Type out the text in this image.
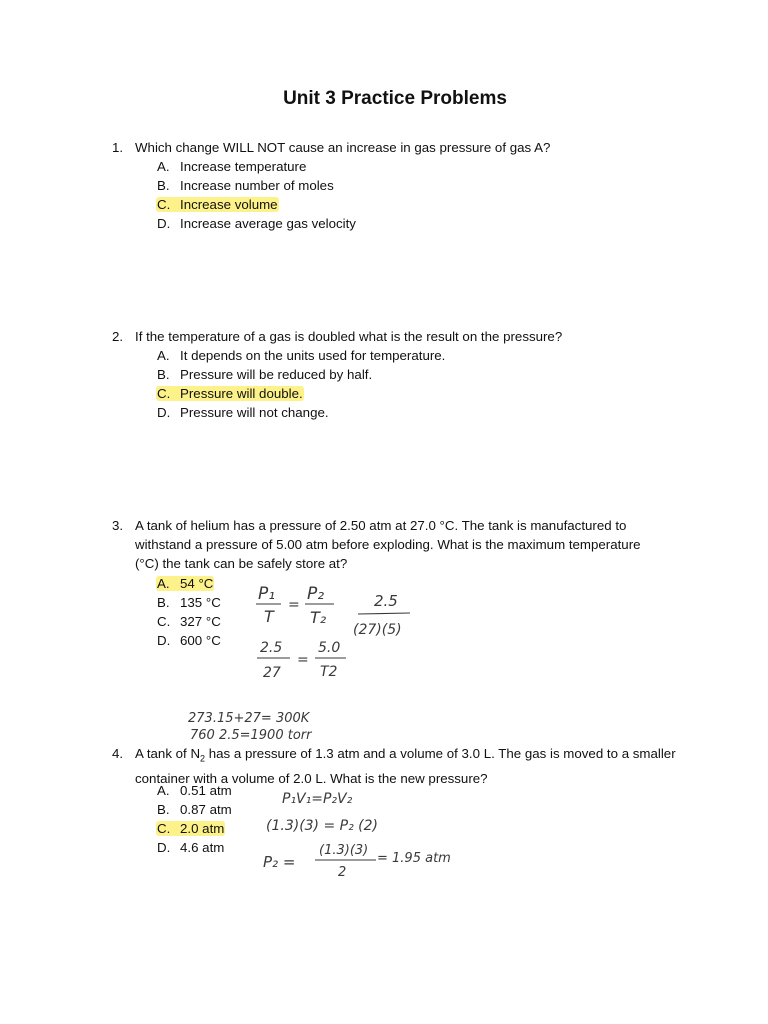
Unit 3 Practice Problems
1. Which change WILL NOT cause an increase in gas pressure of gas A?
A. Increase temperature
B. Increase number of moles
C. Increase volume
D. Increase average gas velocity
2. If the temperature of a gas is doubled what is the result on the pressure?
A. It depends on the units used for temperature.
B. Pressure will be reduced by half.
C. Pressure will double.
D. Pressure will not change.
3. A tank of helium has a pressure of 2.50 atm at 27.0 °C. The tank is manufactured to withstand a pressure of 5.00 atm before exploding. What is the maximum temperature (°C) the tank can be safely store at?
A. 54 °C
B. 135 °C
C. 327 °C
D. 600 °C
4. A tank of $N_2$ has a pressure of 1.3 atm and a volume of 3.0 L. The gas is moved to a smaller container with a volume of 2.0 L. What is the new pressure?
A. 0.51 atm
B. 0.87 atm
C. 2.0 atm
D. 4.6 atm
P₁
T
=
P₂
T₂
2.5
(27)(5)
2.5
27
=
5.0
T2
273.15+27= 300K
760 2.5=1900 torr
P₁V₁=P₂V₂
(1.3)(3) = P₂ (2)
P₂ =
(1.3)(3)
2
= 1.95 atm
